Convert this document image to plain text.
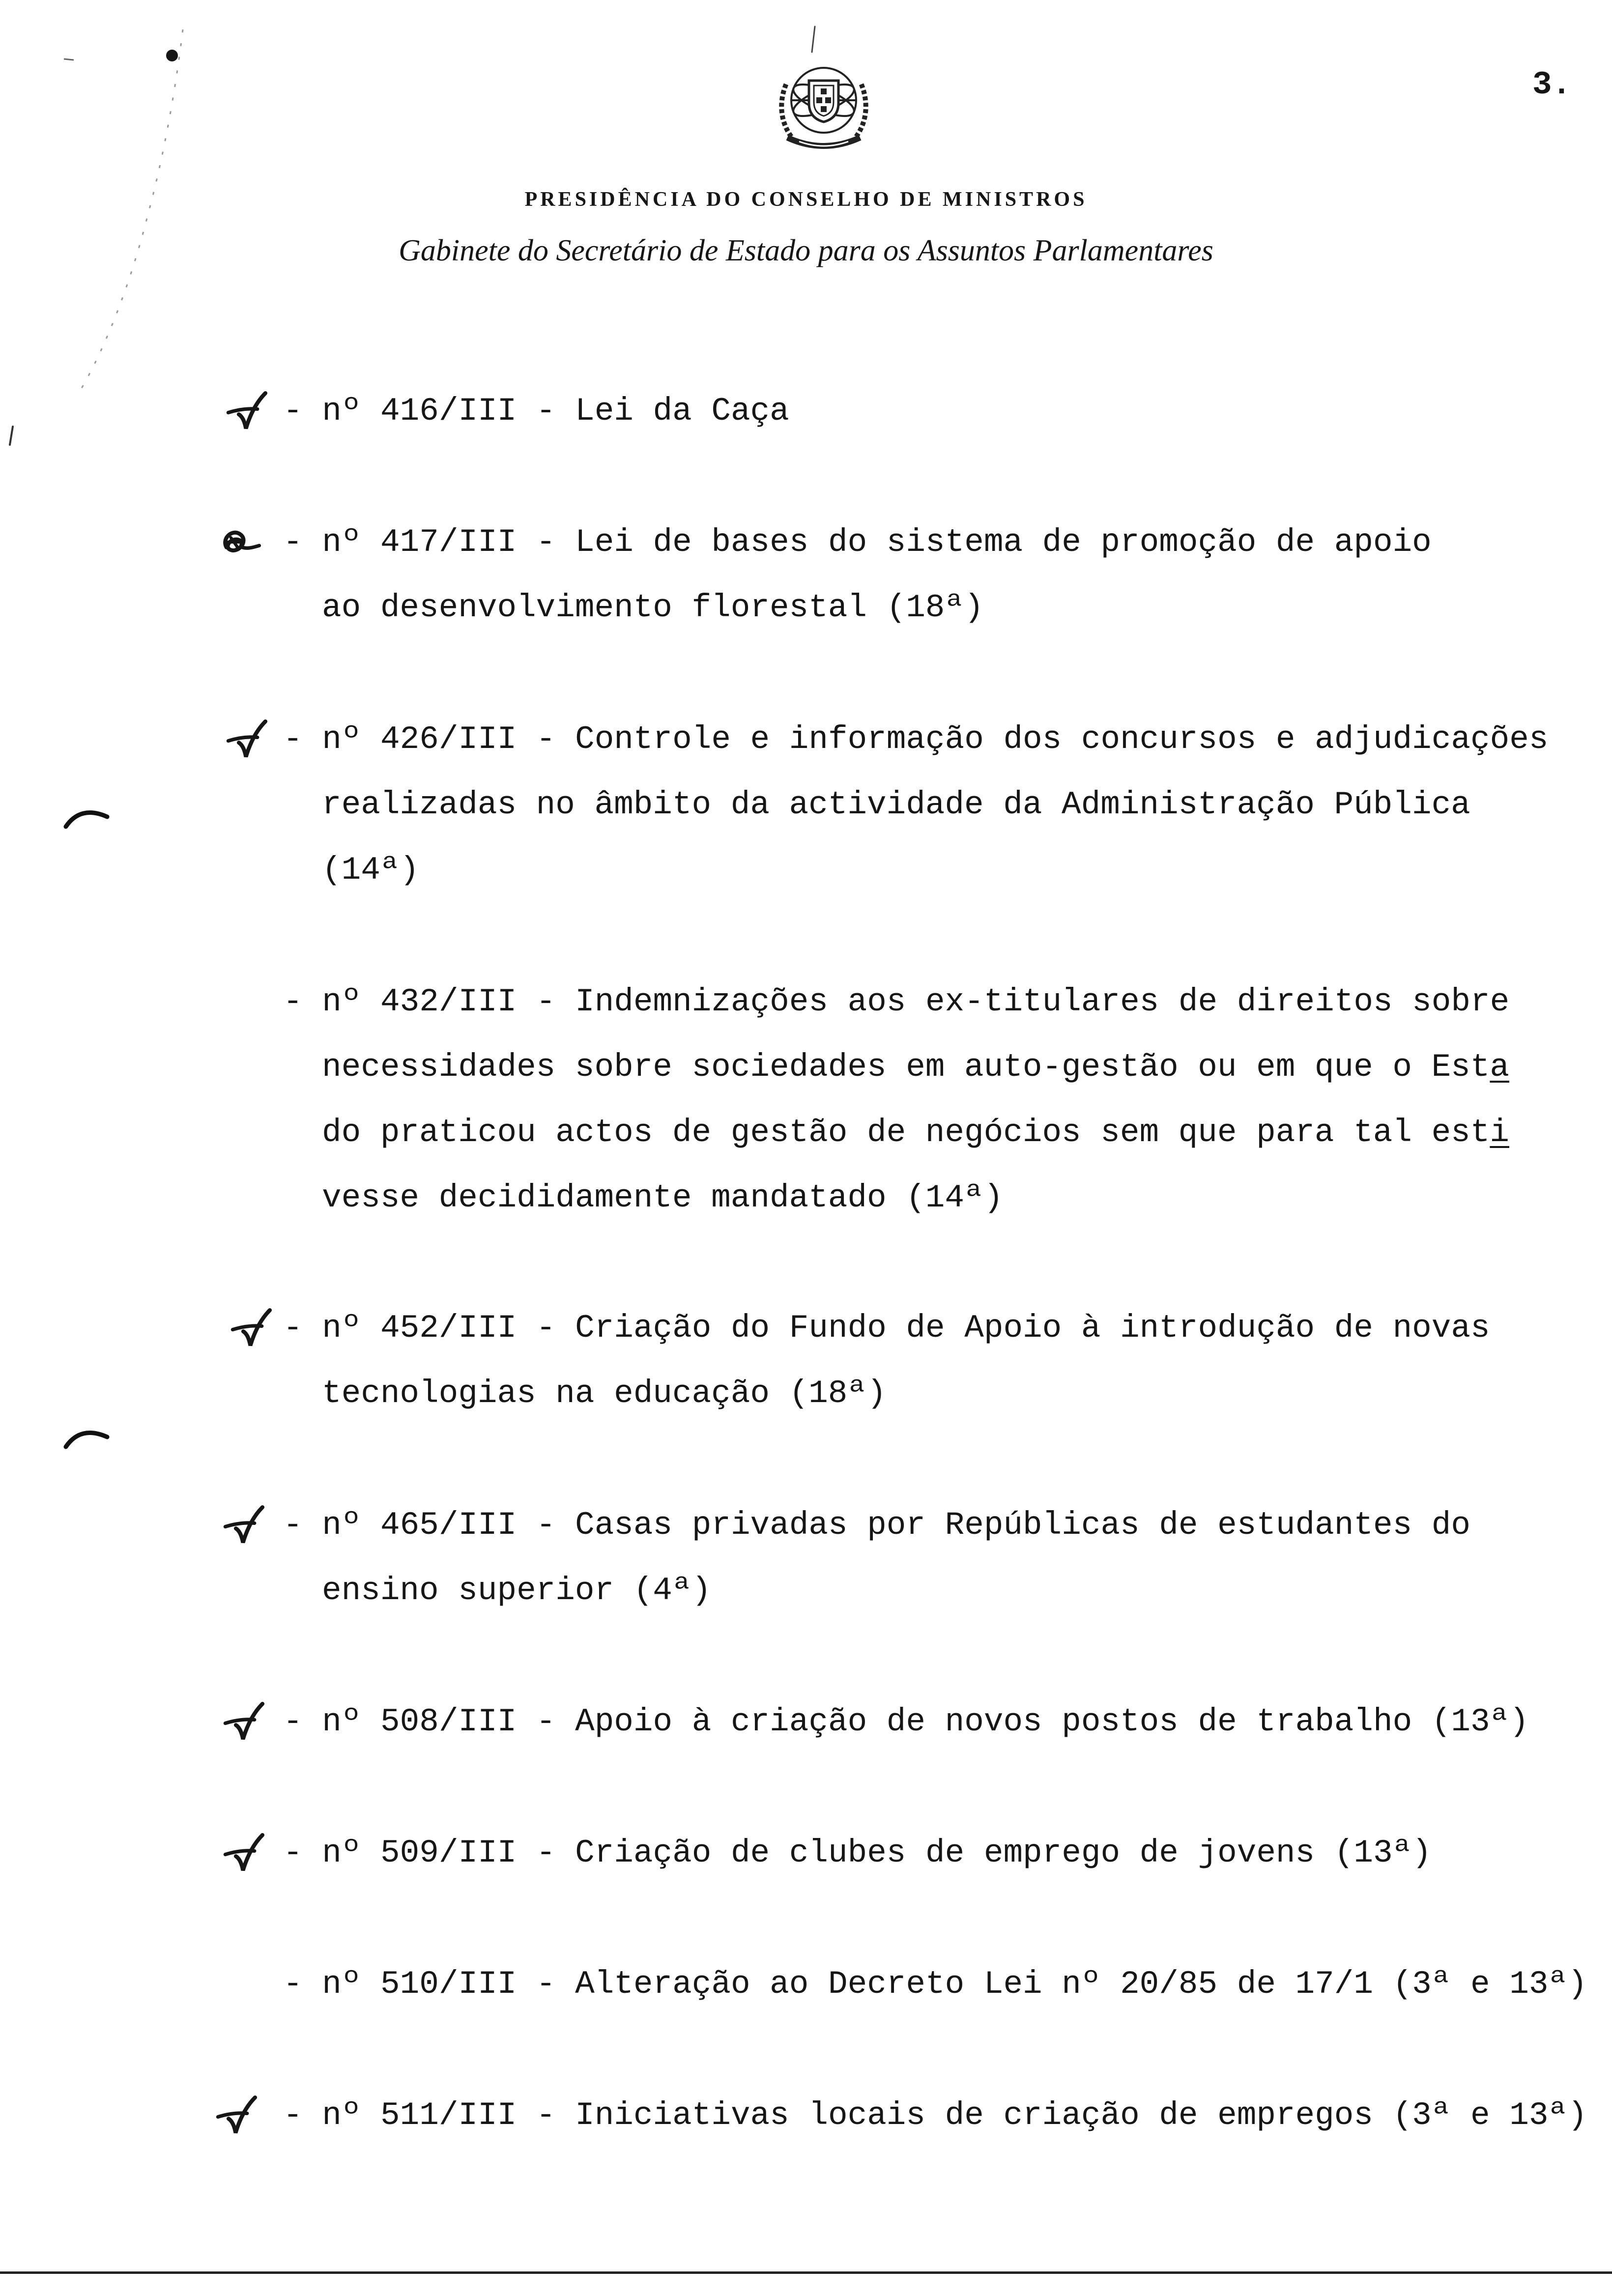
3.
PRESIDÊNCIA DO CONSELHO DE MINISTROS
Gabinete do Secretário de Estado para os Assuntos Parlamentares
- nº 416/III - Lei da Caça
- nº 417/III - Lei de bases do sistema de promoção de apoio
ao desenvolvimento florestal (18ª)
- nº 426/III - Controle e informação dos concursos e adjudicações
realizadas no âmbito da actividade da Administração Pública
(14ª)
- nº 432/III - Indemnizações aos ex-titulares de direitos sobre
necessidades sobre sociedades em auto-gestão ou em que o Esta
do praticou actos de gestão de negócios sem que para tal esti
vesse decididamente mandatado (14ª)
- nº 452/III - Criação do Fundo de Apoio à introdução de novas
tecnologias na educação (18ª)
- nº 465/III - Casas privadas por Repúblicas de estudantes do
ensino superior (4ª)
- nº 508/III - Apoio à criação de novos postos de trabalho (13ª)
- nº 509/III - Criação de clubes de emprego de jovens (13ª)
- nº 510/III - Alteração ao Decreto Lei nº 20/85 de 17/1 (3ª e 13ª)
- nº 511/III - Iniciativas locais de criação de empregos (3ª e 13ª)
